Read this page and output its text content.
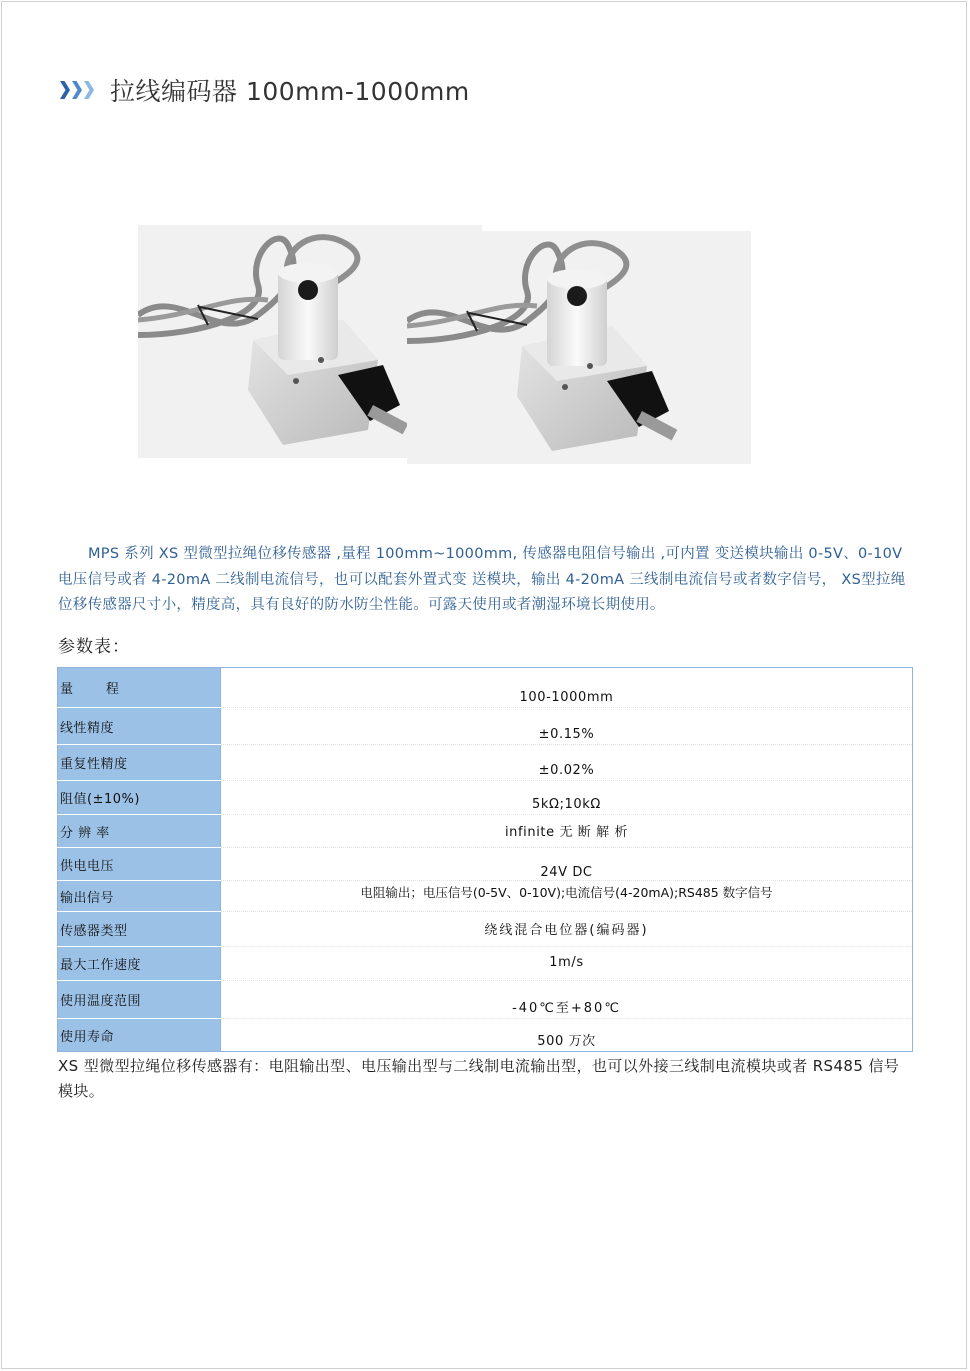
拉线编码器 100mm-1000mm

MPS 系列 XS 型微型拉绳位移传感器 ,量程 100mm~1000mm, 传感器电阻信号输出 ,可内置 变送模块输出 0-5V、0-10V电压信号或者 4-20mA 二线制电流信号，也可以配套外置式变 送模块，输出 4-20mA 三线制电流信号或者数字信号， XS型拉绳位移传感器尺寸小，精度高，具有良好的防水防尘性能。可露天使用或者潮湿环境长期使用。

参数表：
量       程	100-1000mm
线性精度	±0.15%
重复性精度	±0.02%
阻值(±10%)	5kΩ;10kΩ
分 辨 率	infinite 无 断 解 析
供电电压	24V DC
输出信号	电阻输出；电压信号(0-5V、0-10V);电流信号(4-20mA);RS485 数字信号
传感器类型	绕线混合电位器(编码器)
最大工作速度	1m/s
使用温度范围	-40℃至+80℃
使用寿命	500 万次

XS 型微型拉绳位移传感器有：电阻输出型、电压输出型与二线制电流输出型，也可以外接三线制电流模块或者 RS485 信号模块。
